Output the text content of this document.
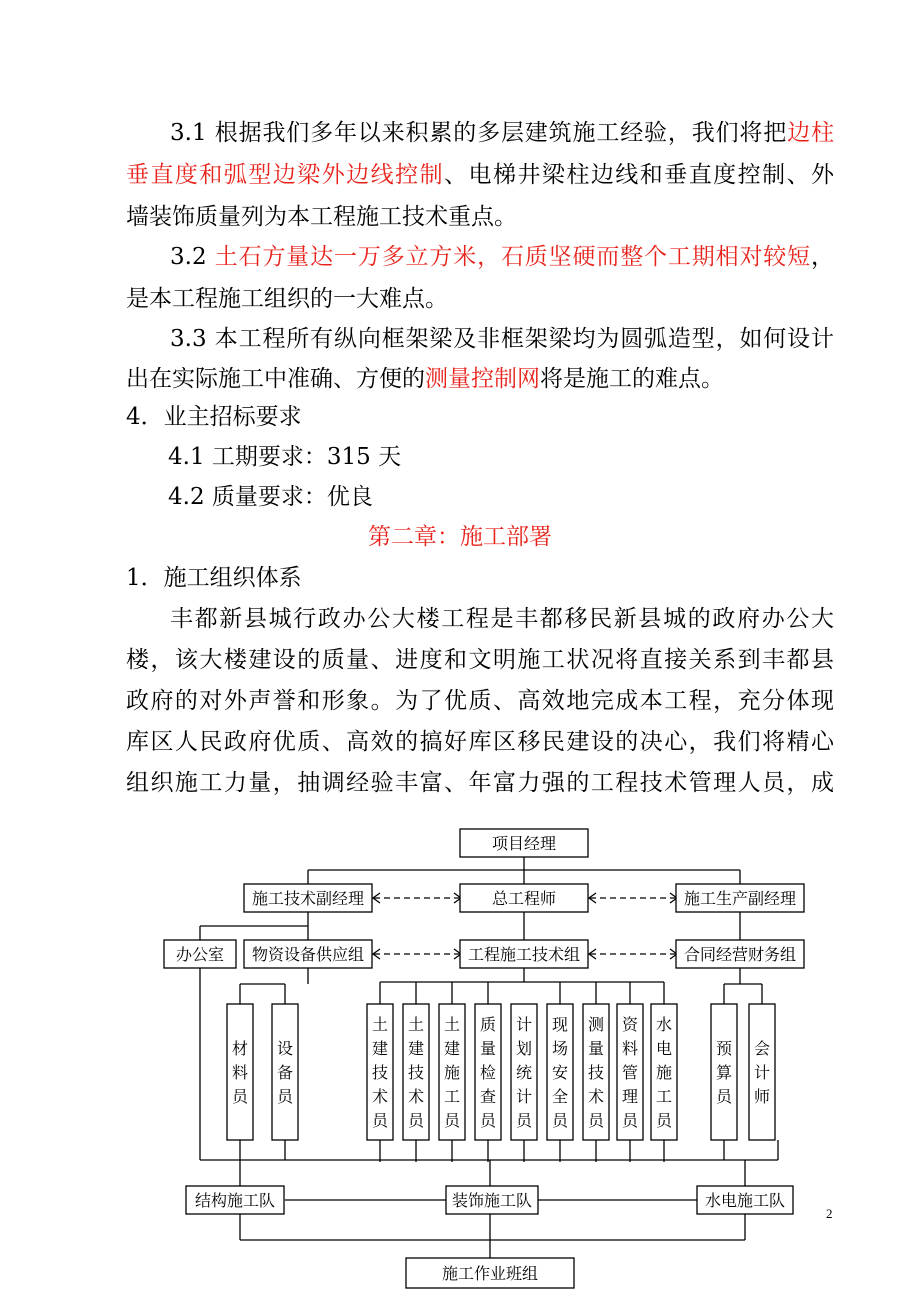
3.1 根据我们多年以来积累的多层建筑施工经验，我们将把边柱
垂直度和弧型边梁外边线控制、电梯井梁柱边线和垂直度控制、外
墙装饰质量列为本工程施工技术重点。
3.2 土石方量达一万多立方米，石质坚硬而整个工期相对较短，
是本工程施工组织的一大难点。
3.3 本工程所有纵向框架梁及非框架梁均为圆弧造型，如何设计
出在实际施工中准确、方便的测量控制网将是施工的难点。
4．业主招标要求
4.1 工期要求：315 天
4.2 质量要求：优良
第二章：施工部署
1．施工组织体系
丰都新县城行政办公大楼工程是丰都移民新县城的政府办公大
楼，该大楼建设的质量、进度和文明施工状况将直接关系到丰都县
政府的对外声誉和形象。为了优质、高效地完成本工程，充分体现
库区人民政府优质、高效的搞好库区移民建设的决心，我们将精心
组织施工力量，抽调经验丰富、年富力强的工程技术管理人员，成
项目经理
施工技术副经理	总工程师	施工生产副经理
办公室 物资设备供应组	工程施工技术组	合同经营财务组
材料员
设备员
土建技术员
土建技术员
土建施工员
质量检查员
计划统计员
现场安全员
测量技术员
资料管理员
水电施工员
预算员
会计师
结构施工队	装饰施工队	水电施工队
施工作业班组
2
